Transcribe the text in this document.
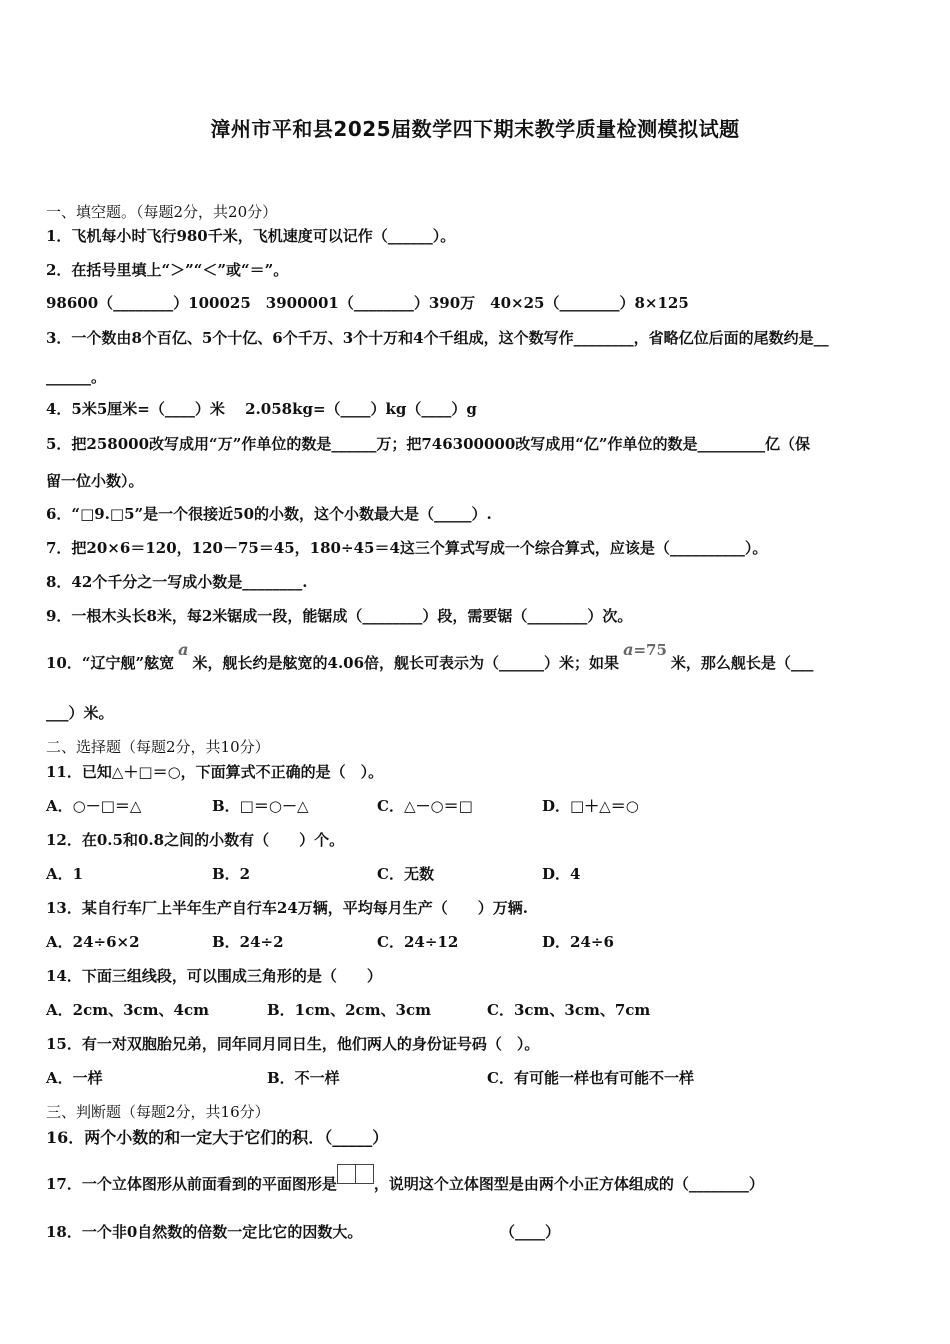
漳州市平和县2025届数学四下期末教学质量检测模拟试题
一、填空题。（每题2分，共20分）
1．飞机每小时飞行980千米，飞机速度可以记作（______）。
2．在括号里填上“＞”“＜”或“＝”。
98600（________）100025　3900001（________）390万　40×25（________）8×125
3．一个数由8个百亿、5个十亿、6个千万、3个十万和4个千组成，这个数写作________，省略亿位后面的尾数约是__
______。
4．5米5厘米=（____）米　 2.058kg=（____）kg（____）g
5．把258000改写成用“万”作单位的数是______万；把746300000改写成用“亿”作单位的数是_________亿（保
留一位小数）。
6．“□9.□5”是一个很接近50的小数，这个小数最大是（_____）.
7．把20×6＝120，120－75＝45，180÷45＝4这三个算式写成一个综合算式，应该是（__________）。
8．42个千分之一写成小数是________.
9．一根木头长8米，每2米锯成一段，能锯成（________）段，需要锯（________）次。
10．“辽宁舰”舷宽a米，舰长约是舷宽的4.06倍，舰长可表示为（______）米；如果a=75米，那么舰长是（___
___）米。
二、选择题（每题2分，共10分）
11．已知△＋□＝○，下面算式不正确的是（　）。
A．○－□＝△	B．□＝○－△	C．△－○＝□	D．□＋△＝○
12．在0.5和0.8之间的小数有（　　）个。
A．1	B．2	C．无数	D．4
13．某自行车厂上半年生产自行车24万辆，平均每月生产（　　）万辆.
A．24÷6×2	B．24÷2	C．24÷12	D．24÷6
14．下面三组线段，可以围成三角形的是（　　）
A．2cm、3cm、4cm	B．1cm、2cm、3cm	C．3cm、3cm、7cm
15．有一对双胞胎兄弟，同年同月同日生，他们两人的身份证号码（　）。
A．一样	B．不一样	C．有可能一样也有可能不一样
三、判断题（每题2分，共16分）
16．两个小数的和一定大于它们的积．（_____）
17．一个立体图形从前面看到的平面图形是 ，说明这个立体图型是由两个小正方体组成的（________）
18．一个非0自然数的倍数一定比它的因数大。	（____）
